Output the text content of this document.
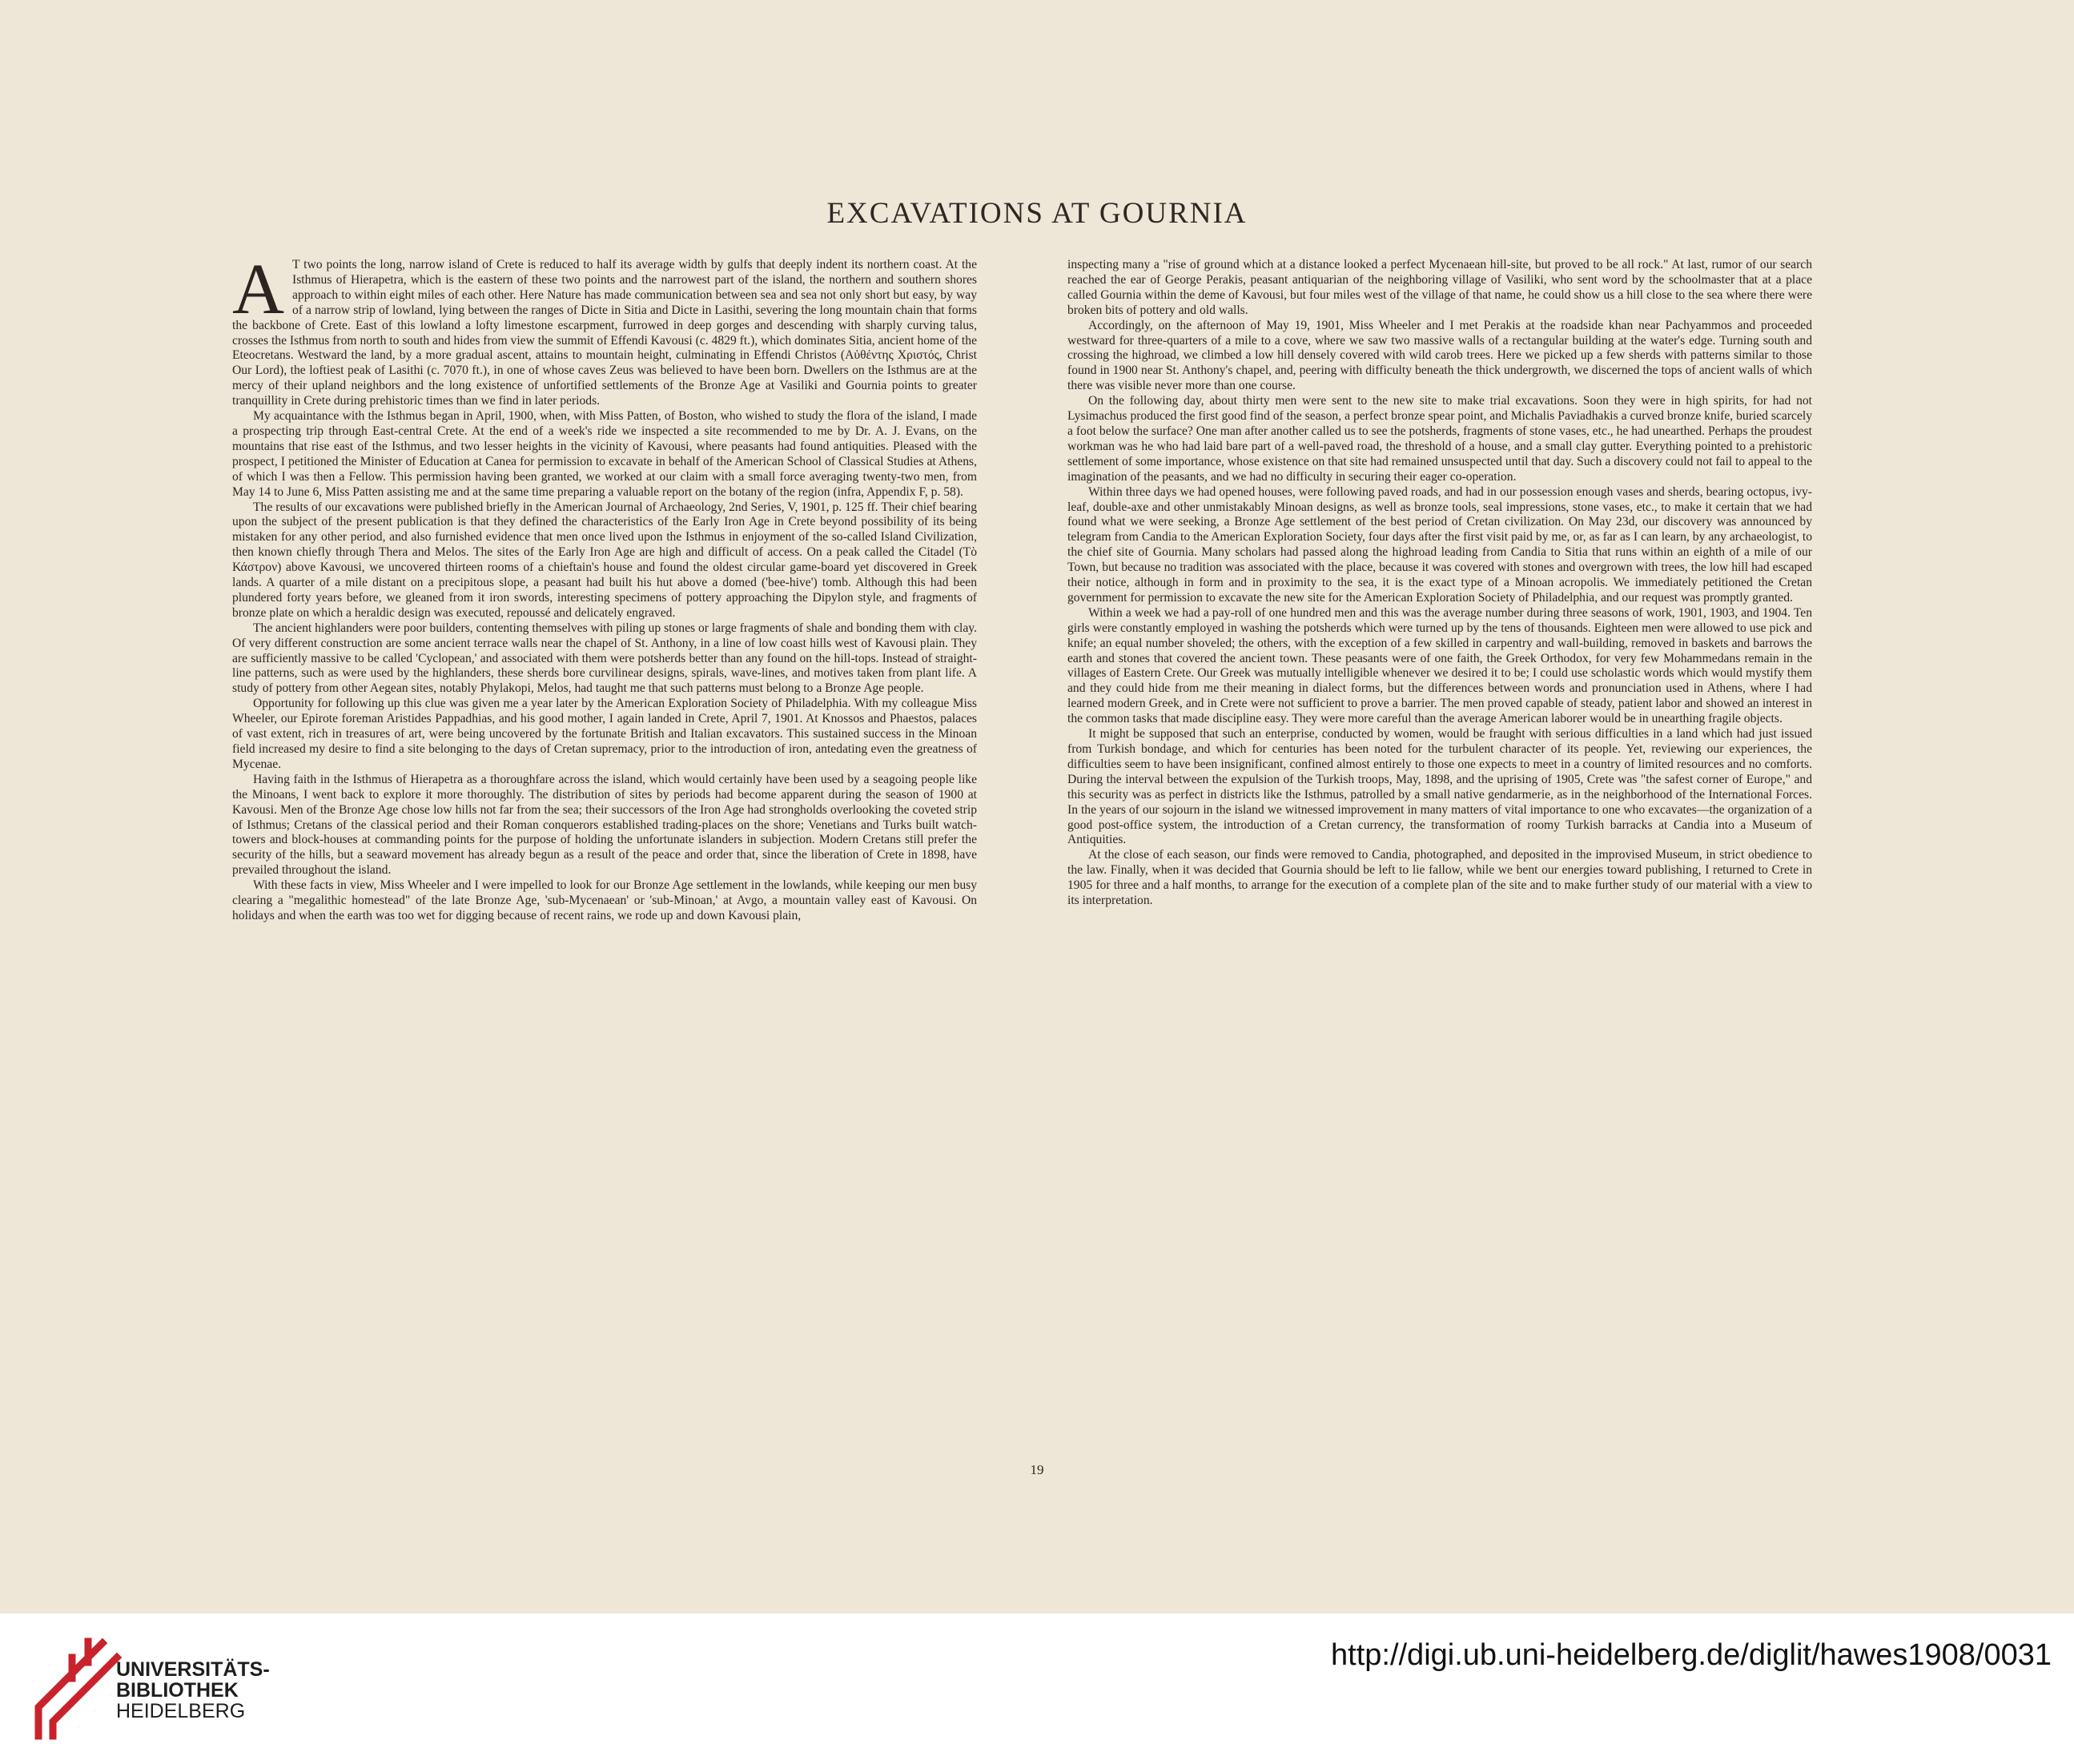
EXCAVATIONS AT GOURNIA

A T two points the long, narrow island of Crete is reduced to half its average width by gulfs that deeply indent its northern coast. At the Isthmus of Hierapetra, which is the eastern of these two points and the narrowest part of the island, the northern and southern shores approach to within eight miles of each other. Here Nature has made communication between sea and sea not only short but easy, by way of a narrow strip of lowland, lying between the ranges of Dicte in Sitia and Dicte in Lasithi, severing the long mountain chain that forms the backbone of Crete. East of this lowland a lofty limestone escarpment, furrowed in deep gorges and descending with sharply curving talus, crosses the Isthmus from north to south and hides from view the summit of Effendi Kavousi (c. 4829 ft.), which dominates Sitia, ancient home of the Eteocretans. Westward the land, by a more gradual ascent, attains to mountain height, culminating in Effendi Christos (Αὐθέντης Χριστός, Christ Our Lord), the loftiest peak of Lasithi (c. 7070 ft.), in one of whose caves Zeus was believed to have been born. Dwellers on the Isthmus are at the mercy of their upland neighbors and the long existence of unfortified settlements of the Bronze Age at Vasiliki and Gournia points to greater tranquillity in Crete during prehistoric times than we find in later periods.

My acquaintance with the Isthmus began in April, 1900, when, with Miss Patten, of Boston, who wished to study the flora of the island, I made a prospecting trip through East-central Crete. At the end of a week's ride we inspected a site recommended to me by Dr. A. J. Evans, on the mountains that rise east of the Isthmus, and two lesser heights in the vicinity of Kavousi, where peasants had found antiquities. Pleased with the prospect, I petitioned the Minister of Education at Canea for permission to excavate in behalf of the American School of Classical Studies at Athens, of which I was then a Fellow. This permission having been granted, we worked at our claim with a small force averaging twenty-two men, from May 14 to June 6, Miss Patten assisting me and at the same time preparing a valuable report on the botany of the region (infra, Appendix F, p. 58).

The results of our excavations were published briefly in the American Journal of Archaeology, 2nd Series, V, 1901, p. 125 ff. Their chief bearing upon the subject of the present publication is that they defined the characteristics of the Early Iron Age in Crete beyond possibility of its being mistaken for any other period, and also furnished evidence that men once lived upon the Isthmus in enjoyment of the so-called Island Civilization, then known chiefly through Thera and Melos. The sites of the Early Iron Age are high and difficult of access. On a peak called the Citadel (Τὸ Κάστρον) above Kavousi, we uncovered thirteen rooms of a chieftain's house and found the oldest circular game-board yet discovered in Greek lands. A quarter of a mile distant on a precipitous slope, a peasant had built his hut above a domed ('bee-hive') tomb. Although this had been plundered forty years before, we gleaned from it iron swords, interesting specimens of pottery approaching the Dipylon style, and fragments of bronze plate on which a heraldic design was executed, repoussé and delicately engraved.

The ancient highlanders were poor builders, contenting themselves with piling up stones or large fragments of shale and bonding them with clay. Of very different construction are some ancient terrace walls near the chapel of St. Anthony, in a line of low coast hills west of Kavousi plain. They are sufficiently massive to be called 'Cyclopean,' and associated with them were potsherds better than any found on the hill-tops. Instead of straight-line patterns, such as were used by the highlanders, these sherds bore curvilinear designs, spirals, wave-lines, and motives taken from plant life. A study of pottery from other Aegean sites, notably Phylakopi, Melos, had taught me that such patterns must belong to a Bronze Age people.

Opportunity for following up this clue was given me a year later by the American Exploration Society of Philadelphia. With my colleague Miss Wheeler, our Epirote foreman Aristides Pappadhias, and his good mother, I again landed in Crete, April 7, 1901. At Knossos and Phaestos, palaces of vast extent, rich in treasures of art, were being uncovered by the fortunate British and Italian excavators. This sustained success in the Minoan field increased my desire to find a site belonging to the days of Cretan supremacy, prior to the introduction of iron, antedating even the greatness of Mycenae.

Having faith in the Isthmus of Hierapetra as a thoroughfare across the island, which would certainly have been used by a seagoing people like the Minoans, I went back to explore it more thoroughly. The distribution of sites by periods had become apparent during the season of 1900 at Kavousi. Men of the Bronze Age chose low hills not far from the sea; their successors of the Iron Age had strongholds overlooking the coveted strip of Isthmus; Cretans of the classical period and their Roman conquerors established trading-places on the shore; Venetians and Turks built watch-towers and block-houses at commanding points for the purpose of holding the unfortunate islanders in subjection. Modern Cretans still prefer the security of the hills, but a seaward movement has already begun as a result of the peace and order that, since the liberation of Crete in 1898, have prevailed throughout the island.

With these facts in view, Miss Wheeler and I were impelled to look for our Bronze Age settlement in the lowlands, while keeping our men busy clearing a "megalithic homestead" of the late Bronze Age, 'sub-Mycenaean' or 'sub-Minoan,' at Avgo, a mountain valley east of Kavousi. On holidays and when the earth was too wet for digging because of recent rains, we rode up and down Kavousi plain,

inspecting many a "rise of ground which at a distance looked a perfect Mycenaean hill-site, but proved to be all rock." At last, rumor of our search reached the ear of George Perakis, peasant antiquarian of the neighboring village of Vasiliki, who sent word by the schoolmaster that at a place called Gournia within the deme of Kavousi, but four miles west of the village of that name, he could show us a hill close to the sea where there were broken bits of pottery and old walls.

Accordingly, on the afternoon of May 19, 1901, Miss Wheeler and I met Perakis at the roadside khan near Pachyammos and proceeded westward for three-quarters of a mile to a cove, where we saw two massive walls of a rectangular building at the water's edge. Turning south and crossing the highroad, we climbed a low hill densely covered with wild carob trees. Here we picked up a few sherds with patterns similar to those found in 1900 near St. Anthony's chapel, and, peering with difficulty beneath the thick undergrowth, we discerned the tops of ancient walls of which there was visible never more than one course.

On the following day, about thirty men were sent to the new site to make trial excavations. Soon they were in high spirits, for had not Lysimachus produced the first good find of the season, a perfect bronze spear point, and Michalis Paviadhakis a curved bronze knife, buried scarcely a foot below the surface? One man after another called us to see the potsherds, fragments of stone vases, etc., he had unearthed. Perhaps the proudest workman was he who had laid bare part of a well-paved road, the threshold of a house, and a small clay gutter. Everything pointed to a prehistoric settlement of some importance, whose existence on that site had remained unsuspected until that day. Such a discovery could not fail to appeal to the imagination of the peasants, and we had no difficulty in securing their eager co-operation.

Within three days we had opened houses, were following paved roads, and had in our possession enough vases and sherds, bearing octopus, ivy-leaf, double-axe and other unmistakably Minoan designs, as well as bronze tools, seal impressions, stone vases, etc., to make it certain that we had found what we were seeking, a Bronze Age settlement of the best period of Cretan civilization. On May 23d, our discovery was announced by telegram from Candia to the American Exploration Society, four days after the first visit paid by me, or, as far as I can learn, by any archaeologist, to the chief site of Gournia. Many scholars had passed along the highroad leading from Candia to Sitia that runs within an eighth of a mile of our Town, but because no tradition was associated with the place, because it was covered with stones and overgrown with trees, the low hill had escaped their notice, although in form and in proximity to the sea, it is the exact type of a Minoan acropolis. We immediately petitioned the Cretan government for permission to excavate the new site for the American Exploration Society of Philadelphia, and our request was promptly granted.

Within a week we had a pay-roll of one hundred men and this was the average number during three seasons of work, 1901, 1903, and 1904. Ten girls were constantly employed in washing the potsherds which were turned up by the tens of thousands. Eighteen men were allowed to use pick and knife; an equal number shoveled; the others, with the exception of a few skilled in carpentry and wall-building, removed in baskets and barrows the earth and stones that covered the ancient town. These peasants were of one faith, the Greek Orthodox, for very few Mohammedans remain in the villages of Eastern Crete. Our Greek was mutually intelligible whenever we desired it to be; I could use scholastic words which would mystify them and they could hide from me their meaning in dialect forms, but the differences between words and pronunciation used in Athens, where I had learned modern Greek, and in Crete were not sufficient to prove a barrier. The men proved capable of steady, patient labor and showed an interest in the common tasks that made discipline easy. They were more careful than the average American laborer would be in unearthing fragile objects.

It might be supposed that such an enterprise, conducted by women, would be fraught with serious difficulties in a land which had just issued from Turkish bondage, and which for centuries has been noted for the turbulent character of its people. Yet, reviewing our experiences, the difficulties seem to have been insignificant, confined almost entirely to those one expects to meet in a country of limited resources and no comforts. During the interval between the expulsion of the Turkish troops, May, 1898, and the uprising of 1905, Crete was "the safest corner of Europe," and this security was as perfect in districts like the Isthmus, patrolled by a small native gendarmerie, as in the neighborhood of the International Forces. In the years of our sojourn in the island we witnessed improvement in many matters of vital importance to one who excavates—the organization of a good post-office system, the introduction of a Cretan currency, the transformation of roomy Turkish barracks at Candia into a Museum of Antiquities.

At the close of each season, our finds were removed to Candia, photographed, and deposited in the improvised Museum, in strict obedience to the law. Finally, when it was decided that Gournia should be left to lie fallow, while we bent our energies toward publishing, I returned to Crete in 1905 for three and a half months, to arrange for the execution of a complete plan of the site and to make further study of our material with a view to its interpretation.

19
UNIVERSITÄTS-
BIBLIOTHEK
HEIDELBERG
http://digi.ub.uni-heidelberg.de/diglit/hawes1908/0031
